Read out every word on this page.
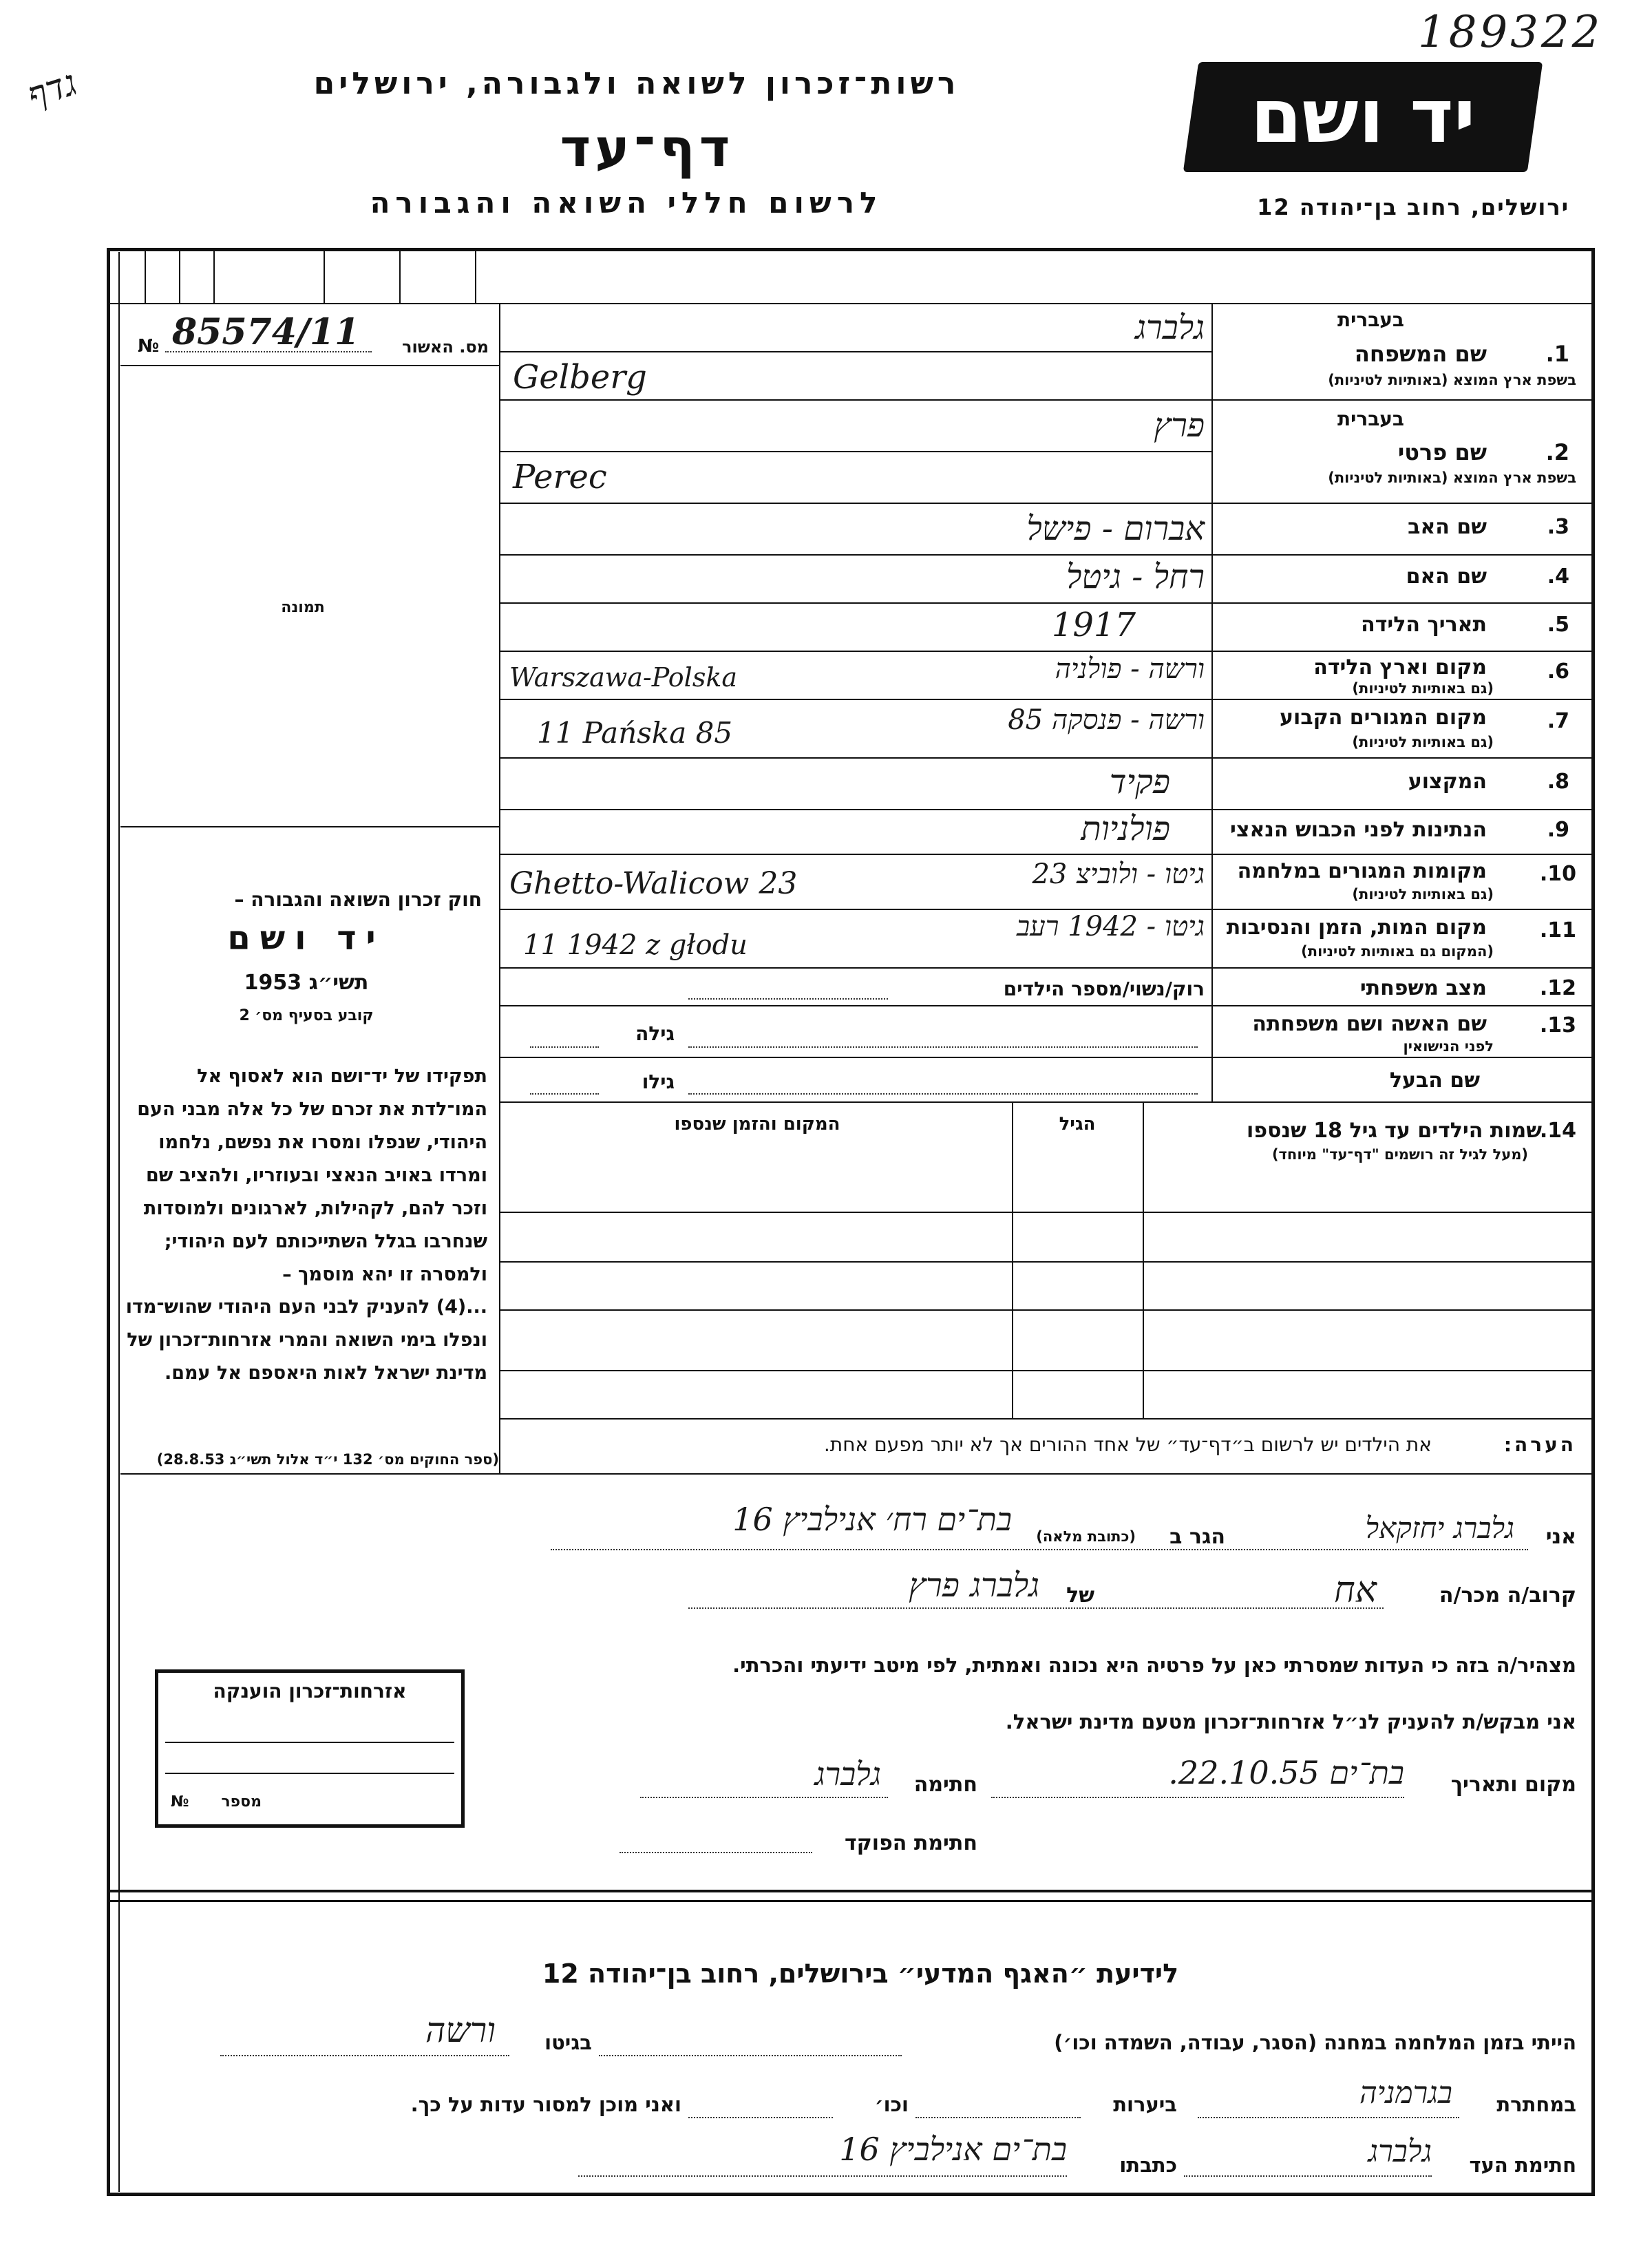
189322
גדף	רשות־זכרון לשואה ולגבורה, ירושלים
דף־עד
לרשום חללי השואה והגבורה
יד ושם
ירושלים, רחוב בן־יהודה 12
№ 85574/11	מס. האשור
תמונה
חוק זכרון השואה והגבורה –
יד ושם
תשי״ג 1953
קובע בסעיף מס׳ 2
תפקידו של יד־ושם הוא לאסוף אל המו־לדת את זכרם של כל אלה מבני העם היהודי, שנפלו ומסרו את נפשם, נלחמו ומרדו באויב הנאצי ובעוזריו, ולהציב שם וזכר להם, לקהילות, לארגונים ולמוסדות שנחרבו בגלל השתייכותם לעם היהודי; ולמסרה זו יהא מוסמך –
...(4) להעניק לבני העם היהודי שהוש־מדו ונפלו בימי השואה והמרי אזרחות־זכרון של מדינת ישראל לאות היאספם אל עמם.
(ספר החוקים מס׳ 132 י״ד אלול תשי״ג 28.8.53)
אזרחות־זכרון הוענקה
№	מספר
בעברית
שם המשפחה	1.
בשפת ארץ המוצא (באותיות לטיניות)
גלברג
Gelberg
בעברית
שם פרטי	2.
בשפת ארץ המוצא (באותיות לטיניות)
פרץ
Perec
שם האב	3.
אברום - פישל
שם האם	4.
רחל - גיטל
תאריך הלידה	5.
1917
מקום וארץ הלידה	6.
(גם באותיות לטיניות)
ורשה - פולניה
Warszawa-Polska
מקום המגורים הקבוע	7.
(גם באותיות לטיניות)
ורשה - פנסקה 85
11 Pańska 85
המקצוע	8.
פקיד
הנתינות לפני הכבוש הנאצי	9.
פולניות
מקומות המגורים במלחמה	10.
(גם באותיות לטיניות)
גיטו - ולוביצ 23
Ghetto-Walicow 23
מקום המות, הזמן והנסיבות	11.
(המקום גם באותיות לטיניות)
גיטו - 1942 רעב
11 1942 z głodu
מצב משפחתי	12.
רוק/נשוי/מספר הילדים
שם האשה ושם משפחתה	13.
לפני הנישואין
גילה
שם הבעל
גילו
שמות הילדים עד גיל 18 שנספו
14.
(מעל לגיל זה רושמים "דף־עד" מיוחד)
הגיל
המקום והזמן שנספו
הערה:
את הילדים יש לרשום ב״דף־עד״ של אחד ההורים אך לא יותר מפעם אחת.
אני
גלברג יחזקאל
הגר ב
(כתובת מלאה)
בת־ים רח׳ אנילביץ 16
קרוב/ה מכר/ה
אח
של
גלברג פרץ
מצהיר/ה בזה כי העדות שמסרתי כאן על פרטיה היא נכונה ואמתית, לפי מיטב ידיעתי והכרתי.
אני מבקש/ת להעניק לנ״ל אזרחות־זכרון מטעם מדינת ישראל.
מקום ותאריך
בת־ים 22.10.55.
חתימה
גלברג
חתימת הפוקד
לידיעת ״האגף המדעי״ בירושלים, רחוב בן־יהודה 12
הייתי בזמן המלחמה במחנה (הסגר, עבודה, השמדה וכו׳)
בגיטו
ורשה
במחתרת
בגרמניה
ביערות
וכו׳
ואני מוכן למסור עדות על כך.
חתימת העד
גלברג
כתבתו
בת־ים אנילביץ 16
